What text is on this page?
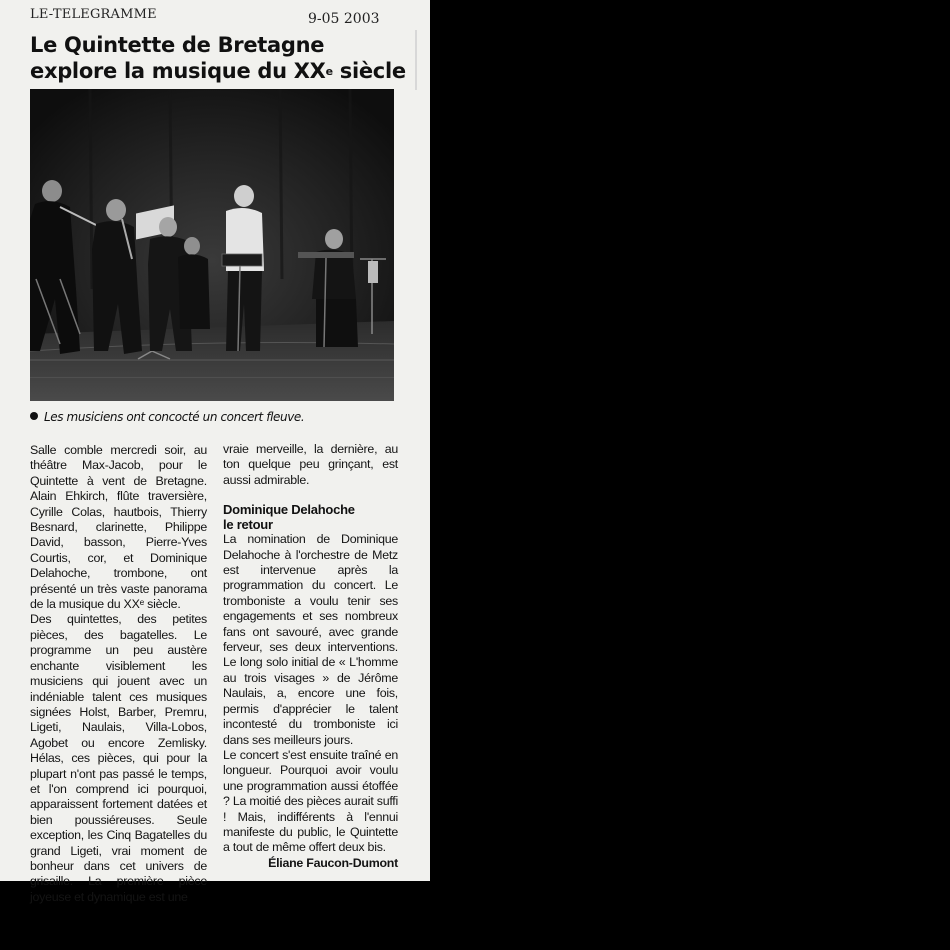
LE-TELEGRAMME	9-05 2003
Le Quintette de Bretagne
explore la musique du XXe siècle
Les musiciens ont concocté un concert fleuve.

Salle comble mercredi soir, au théâtre Max-Jacob, pour le Quintette à vent de Bretagne. Alain Ehkirch, flûte traversière, Cyrille Colas, hautbois, Thierry Besnard, clarinette, Philippe David, basson, Pierre-Yves Courtis, cor, et Dominique Delahoche, trombone, ont présenté un très vaste panorama de la musique du XXᵉ siècle.

Des quintettes, des petites pièces, des bagatelles. Le programme un peu austère enchante visiblement les musiciens qui jouent avec un indéniable talent ces musiques signées Holst, Barber, Premru, Ligeti, Naulais, Villa-Lobos, Agobet ou encore Zemlisky. Hélas, ces pièces, qui pour la plupart n'ont pas passé le temps, et l'on comprend ici pourquoi, apparaissent fortement datées et bien poussiéreuses. Seule exception, les Cinq Bagatelles du grand Ligeti, vrai moment de bonheur dans cet univers de grisaille. La première pièce joyeuse et dynamique est une

vraie merveille, la dernière, au ton quelque peu grinçant, est aussi admirable.

Dominique Delahoche
le retour

La nomination de Dominique Delahoche à l'orchestre de Metz est intervenue après la programmation du concert. Le tromboniste a voulu tenir ses engagements et ses nombreux fans ont savouré, avec grande ferveur, ses deux interventions. Le long solo initial de « L'homme au trois visages » de Jérôme Naulais, a, encore une fois, permis d'apprécier le talent incontesté du tromboniste ici dans ses meilleurs jours.

Le concert s'est ensuite traîné en longueur. Pourquoi avoir voulu une programmation aussi étoffée ? La moitié des pièces aurait suffi ! Mais, indifférents à l'ennui manifeste du public, le Quintette a tout de même offert deux bis.

Éliane Faucon-Dumont
